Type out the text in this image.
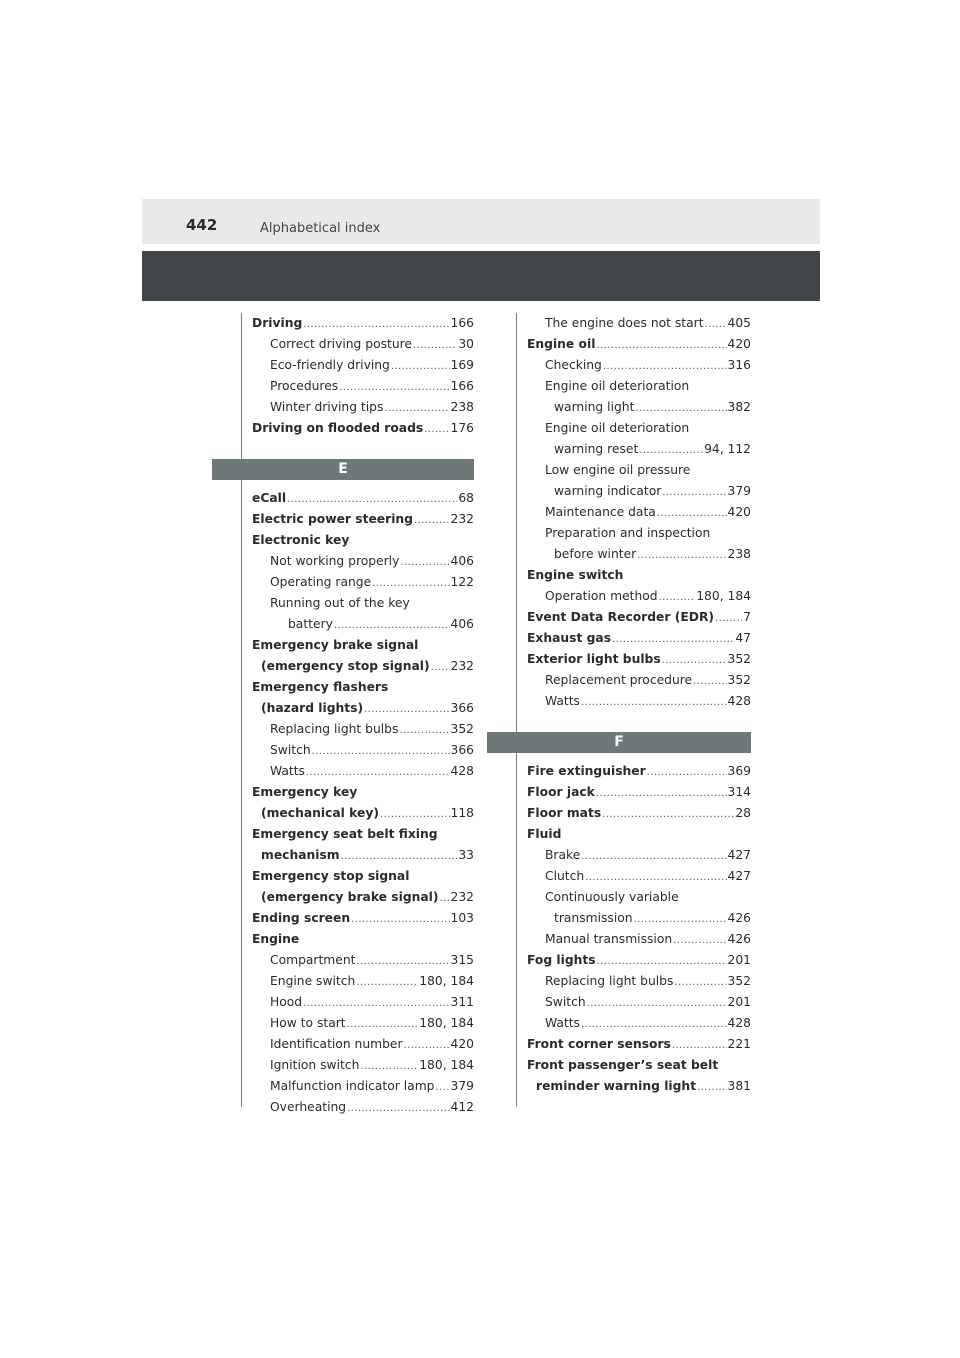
442	Alphabetical index
Driving .....	166
Correct driving posture .....	30
Eco-friendly driving .....	169
Procedures .....	166
Winter driving tips .....	238
Driving on flooded roads ..... 176
E
eCall .....	68
Electric power steering .....	232
Electronic key
Not working properly .....	406
Operating range .....	122
Running out of the key
battery .....	406
Emergency brake signal
(emergency stop signal) ..... 232
Emergency flashers
(hazard lights) .....	366
Replacing light bulbs .....	352
Switch .....	366
Watts .....	428
Emergency key
(mechanical key) .....	118
Emergency seat belt fixing
mechanism .....	33
Emergency stop signal
(emergency brake signal) ..... 232
Ending screen .....	103
Engine
Compartment .....	315
Engine switch .....	180, 184
Hood .....	311
How to start .....	180, 184
Identification number .....	420
Ignition switch .....	180, 184
Malfunction indicator lamp ..... 379
Overheating .....	412
The engine does not start ..... 405
Engine oil .....	420
Checking .....	316
Engine oil deterioration
warning light .....	382
Engine oil deterioration
warning reset .....	94, 112
Low engine oil pressure
warning indicator .....	379
Maintenance data .....	420
Preparation and inspection
before winter .....	238
Engine switch
Operation method .....	180, 184
Event Data Recorder (EDR) ..... 7
Exhaust gas .....	47
Exterior light bulbs .....	352
Replacement procedure .....	352
Watts .....	428
F
Fire extinguisher .....	369
Floor jack .....	314
Floor mats .....	28
Fluid
Brake .....	427
Clutch .....	427
Continuously variable
transmission .....	426
Manual transmission .....	426
Fog lights .....	201
Replacing light bulbs .....	352
Switch .....	201
Watts .....	428
Front corner sensors .....	221
Front passenger’s seat belt
reminder warning light .....	381
